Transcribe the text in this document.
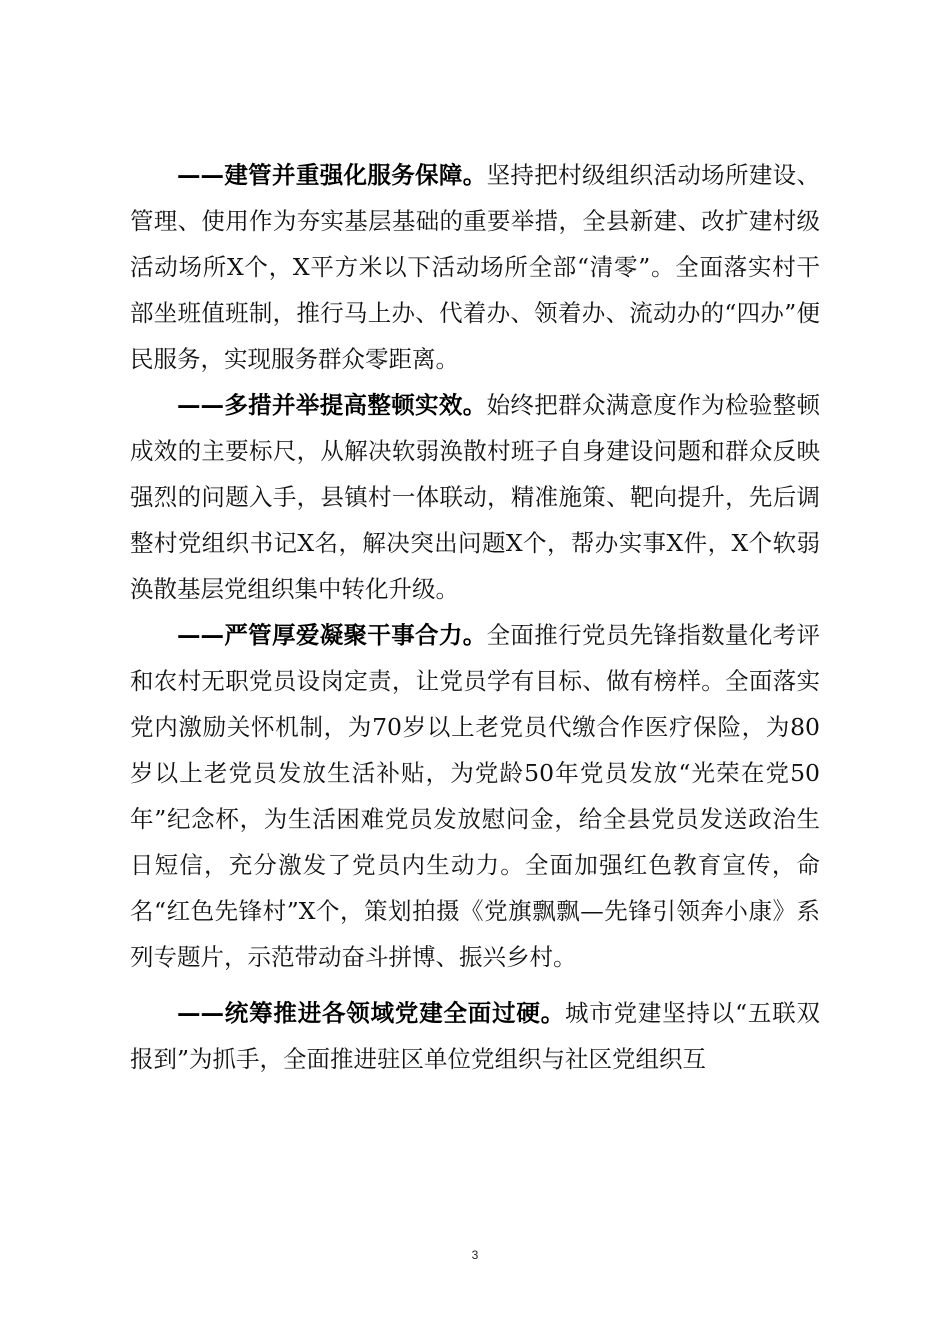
——建管并重强化服务保障。坚持把村级组织活动场所建设、管理、使用作为夯实基层基础的重要举措，全县新建、改扩建村级活动场所X个，X平方米以下活动场所全部“清零”。全面落实村干部坐班值班制，推行马上办、代着办、领着办、流动办的“四办”便民服务，实现服务群众零距离。

——多措并举提高整顿实效。始终把群众满意度作为检验整顿成效的主要标尺，从解决软弱涣散村班子自身建设问题和群众反映强烈的问题入手，县镇村一体联动，精准施策、靶向提升，先后调整村党组织书记X名，解决突出问题X个，帮办实事X件，X个软弱涣散基层党组织集中转化升级。

——严管厚爱凝聚干事合力。全面推行党员先锋指数量化考评和农村无职党员设岗定责，让党员学有目标、做有榜样。全面落实党内激励关怀机制，为70岁以上老党员代缴合作医疗保险，为80岁以上老党员发放生活补贴，为党龄50年党员发放“光荣在党50年”纪念杯，为生活困难党员发放慰问金，给全县党员发送政治生日短信，充分激发了党员内生动力。全面加强红色教育宣传，命名“红色先锋村”X个，策划拍摄《党旗飘飘—先锋引领奔小康》系列专题片，示范带动奋斗拼博、振兴乡村。

——统筹推进各领域党建全面过硬。城市党建坚持以“五联双报到”为抓手，全面推进驻区单位党组织与社区党组织互

3
